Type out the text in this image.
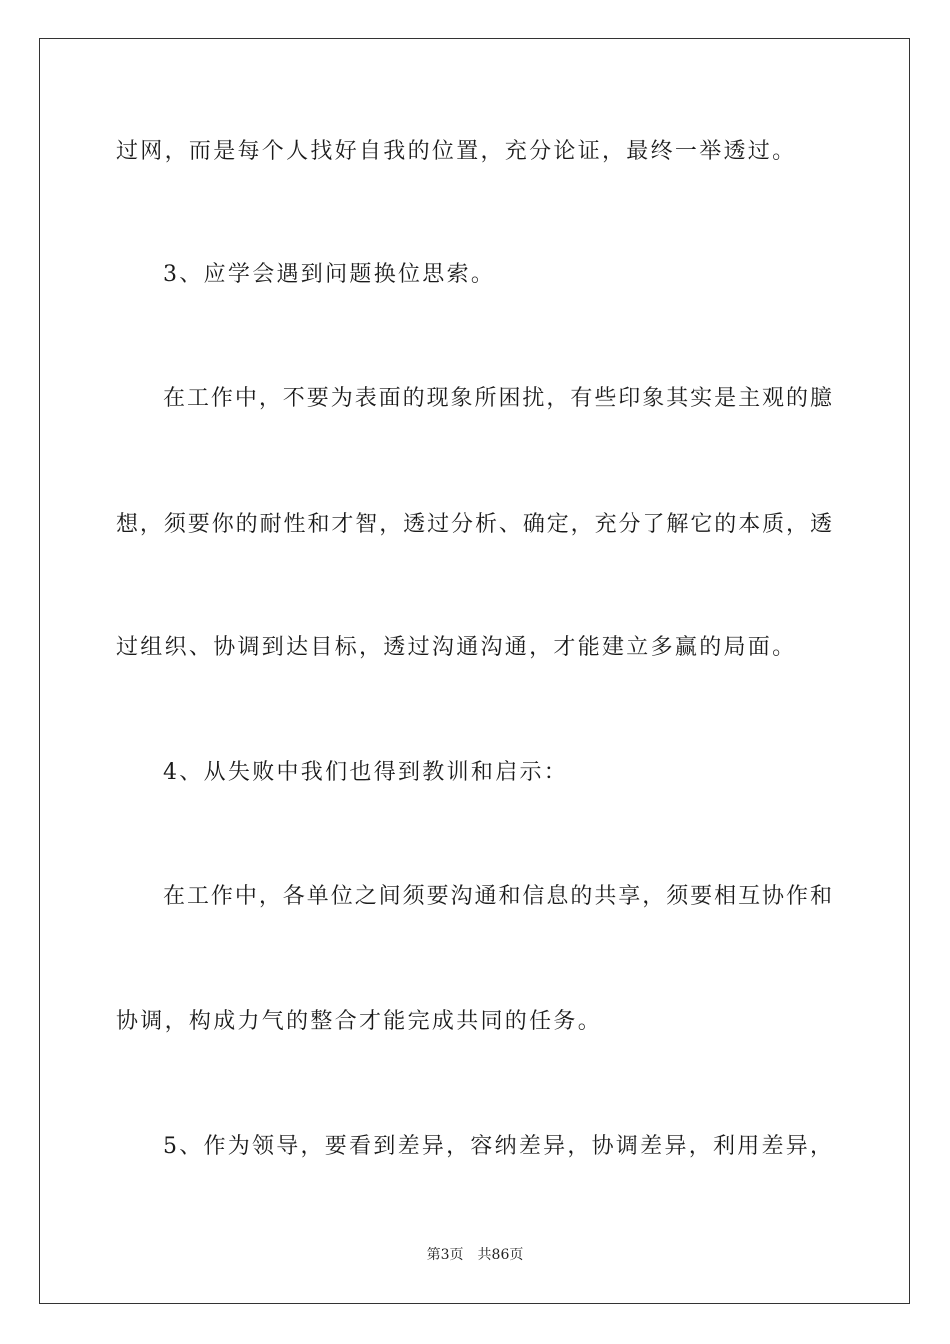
过网，而是每个人找好自我的位置，充分论证，最终一举透过。
3、应学会遇到问题换位思索。
在工作中，不要为表面的现象所困扰，有些印象其实是主观的臆
想，须要你的耐性和才智，透过分析、确定，充分了解它的本质，透
过组织、协调到达目标，透过沟通沟通，才能建立多赢的局面。
4、从失败中我们也得到教训和启示：
在工作中，各单位之间须要沟通和信息的共享，须要相互协作和
协调，构成力气的整合才能完成共同的任务。
5、作为领导，要看到差异，容纳差异，协调差异，利用差异，
第3页 共86页
